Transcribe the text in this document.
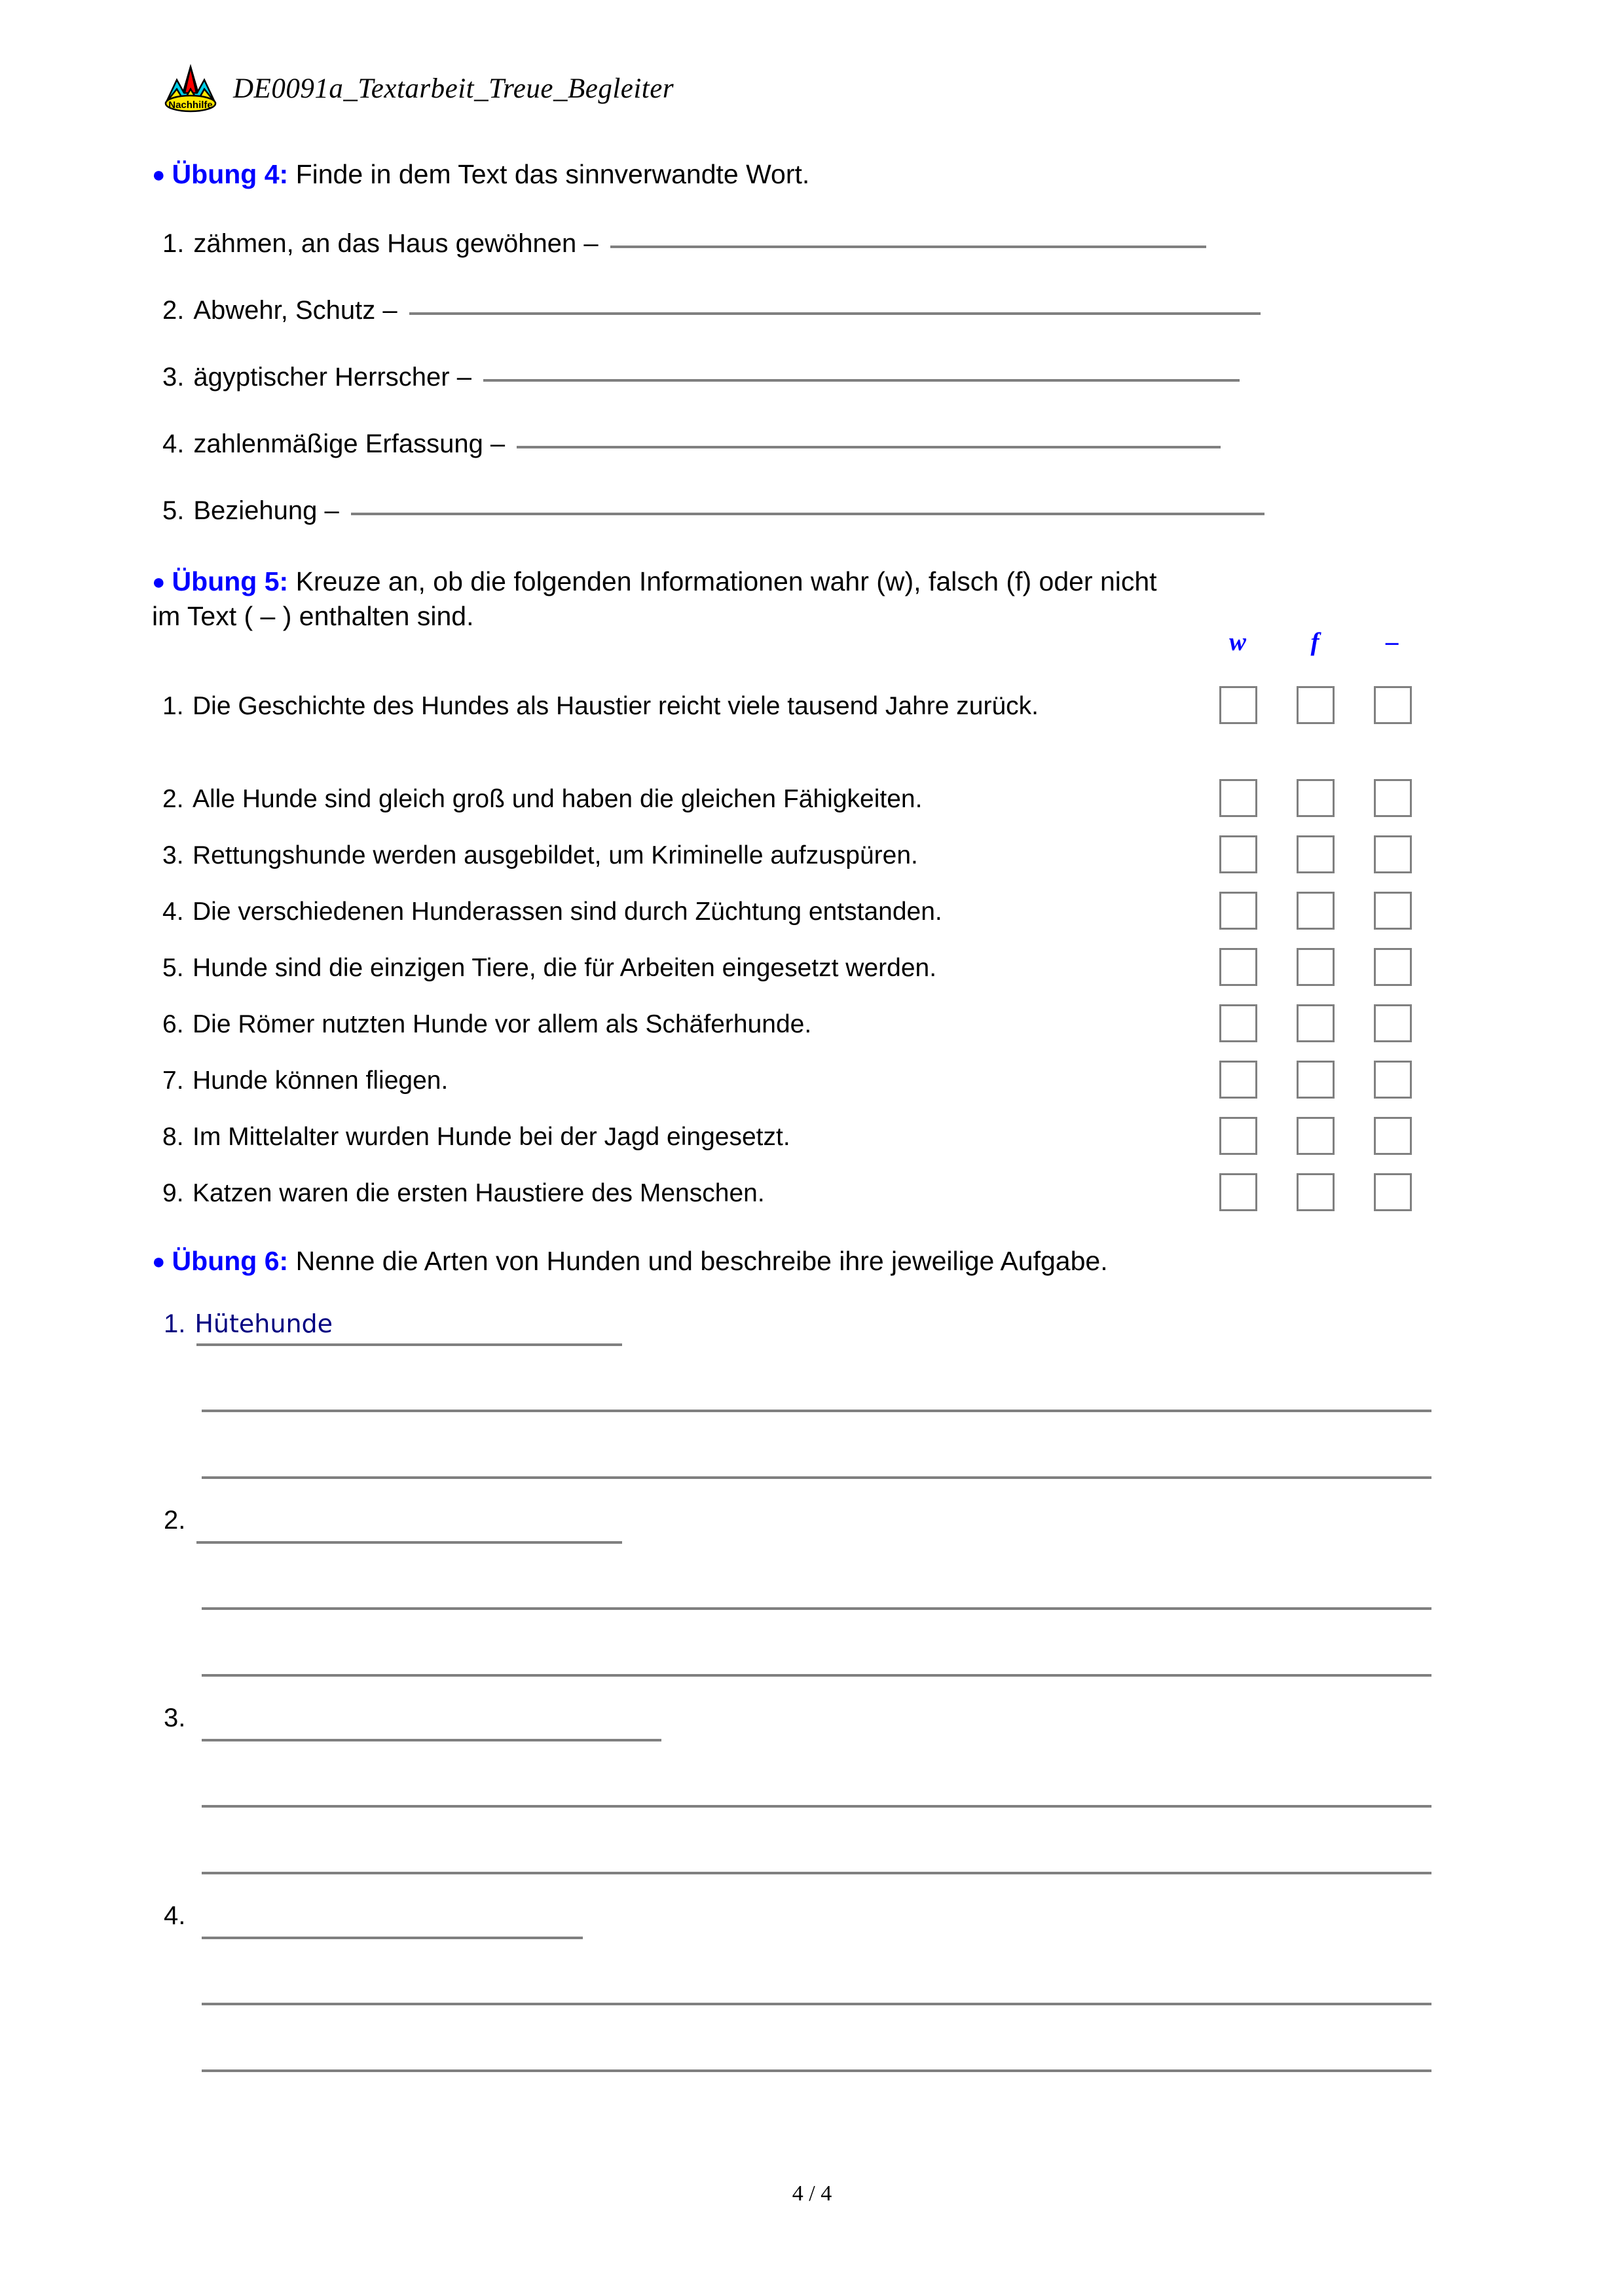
Nachhilfe
DE0091a_Textarbeit_Treue_Begleiter
● Übung 4: Finde in dem Text das sinnverwandte Wort.
1. zähmen, an das Haus gewöhnen –
2. Abwehr, Schutz –
3. ägyptischer Herrscher –
4. zahlenmäßige Erfassung –
5. Beziehung –
● Übung 5: Kreuze an, ob die folgenden Informationen wahr (w), falsch (f) oder nicht
im Text ( – ) enthalten sind.
w	f	–
1. Die Geschichte des Hundes als Haustier reicht viele tausend Jahre zurück.
2. Alle Hunde sind gleich groß und haben die gleichen Fähigkeiten.
3. Rettungshunde werden ausgebildet, um Kriminelle aufzuspüren.
4. Die verschiedenen Hunderassen sind durch Züchtung entstanden.
5. Hunde sind die einzigen Tiere, die für Arbeiten eingesetzt werden.
6. Die Römer nutzten Hunde vor allem als Schäferhunde.
7. Hunde können fliegen.
8. Im Mittelalter wurden Hunde bei der Jagd eingesetzt.
9. Katzen waren die ersten Haustiere des Menschen.
● Übung 6: Nenne die Arten von Hunden und beschreibe ihre jeweilige Aufgabe.
1. Hütehunde
2.
3.
4.
4 / 4
